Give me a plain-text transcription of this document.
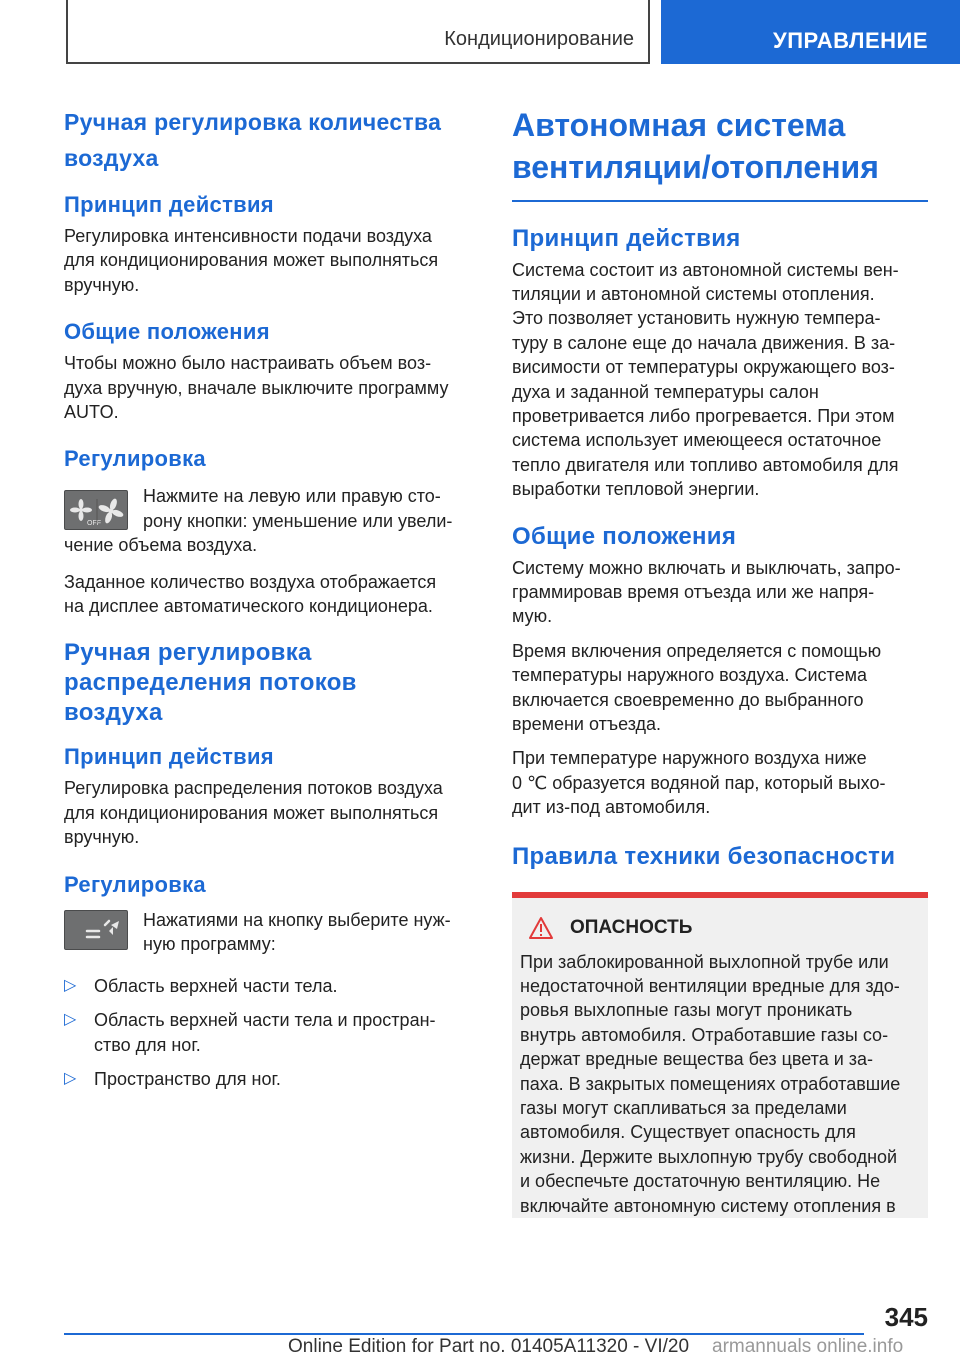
Кондиционирование	УПРАВЛЕНИЕ
Ручная регулировка количества
воздуха
Принцип действия
Регулировка интенсивности подачи воздуха
для кондиционирования может выполняться
вручную.
Общие положения
Чтобы можно было настраивать объем воз-
духа вручную, вначале выключите программу
AUTO.
Регулировка
OFF
Нажмите на левую или правую сто-
рону кнопки: уменьшение или увели-
чение объема воздуха.
Заданное количество воздуха отображается
на дисплее автоматического кондиционера.
Ручная регулировка
распределения потоков
воздуха
Принцип действия
Регулировка распределения потоков воздуха
для кондиционирования может выполняться
вручную.
Регулировка
Нажатиями на кнопку выберите нуж-
ную программу:
▷ Область верхней части тела.
▷ Область верхней части тела и простран-
ство для ног.
▷ Пространство для ног.
Автономная система
вентиляции/отопления
Принцип действия
Система состоит из автономной системы вен-
тиляции и автономной системы отопления.
Это позволяет установить нужную темпера-
туру в салоне еще до начала движения. В за-
висимости от температуры окружающего воз-
духа и заданной температуры салон
проветривается либо прогревается. При этом
система использует имеющееся остаточное
тепло двигателя или топливо автомобиля для
выработки тепловой энергии.
Общие положения
Систему можно включать и выключать, запро-
граммировав время отъезда или же напря-
мую.
Время включения определяется с помощью
температуры наружного воздуха. Система
включается своевременно до выбранного
времени отъезда.
При температуре наружного воздуха ниже
0 ℃ образуется водяной пар, который выхо-
дит из-под автомобиля.
Правила техники безопасности
ОПАСНОСТЬ
При заблокированной выхлопной трубе или
недостаточной вентиляции вредные для здо-
ровья выхлопные газы могут проникать
внутрь автомобиля. Отработавшие газы со-
держат вредные вещества без цвета и за-
паха. В закрытых помещениях отработавшие
газы могут скапливаться за пределами
автомобиля. Существует опасность для
жизни. Держите выхлопную трубу свободной
и обеспечьте достаточную вентиляцию. Не
включайте автономную систему отопления в
345
Online Edition for Part no. 01405A11320 - VI/20 armannuals online.info
